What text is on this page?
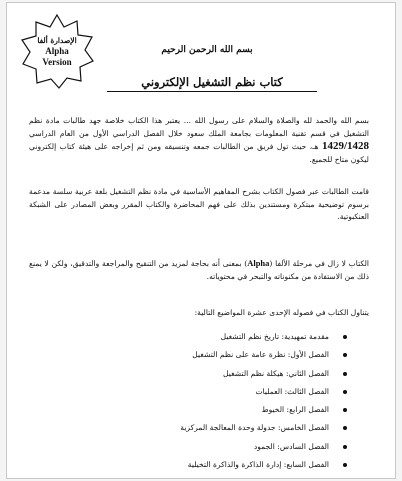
الإصدارة ألفا
Alpha
Version
بسم الله الرحمن الرحيم
كتاب نظم التشغيل الإلكتروني

بسم الله والحمد لله والصلاة والسلام على رسول الله ... يعتبر هذا الكتاب خلاصة جهد طالبات مادة نظم التشغيل في قسم تقنية المعلومات بجامعة الملك سعود خلال الفصل الدراسي الأول من العام الدراسي 1429/1428 هـ، حيث تول فريق من الطالبات جمعه وتنسيقه ومن ثم إخراجه على هيئة كتاب إلكتروني ليكون متاح للجميع.

قامت الطالبات عبر فصول الكتاب بشرح المفاهيم الأساسية في مادة نظم التشغيل بلغة عربية سلسة مدعمة برسوم توضيحية مبتكرة ومستندين بذلك على فهم المحاضرة والكتاب المقرر وبعض المصادر على الشبكة العنكبوتية.

الكتاب لا زال في مرحلة الألفا (Alpha) بمعنى أنه بحاجة لمزيد من التنقيح والمراجعة والتدقيق، ولكن لا يمنع ذلك من الاستفادة من مكنوناته والتبحر في محتوياته.

يتناول الكتاب في فصوله الإحدى عشرة المواضيع التالية:

مقدمة تمهيدية: تاريخ نظم التشغيل
الفصل الأول: نظرة عامة على نظم التشغيل
الفصل الثاني: هيكلة نظم التشغيل
الفصل الثالث: العمليات
الفصل الرابع: الخيوط
الفصل الخامس: جدولة وحدة المعالجة المركزية
الفصل السادس: الجمود
الفصل السابع: إدارة الذاكرة والذاكرة التخيلية
